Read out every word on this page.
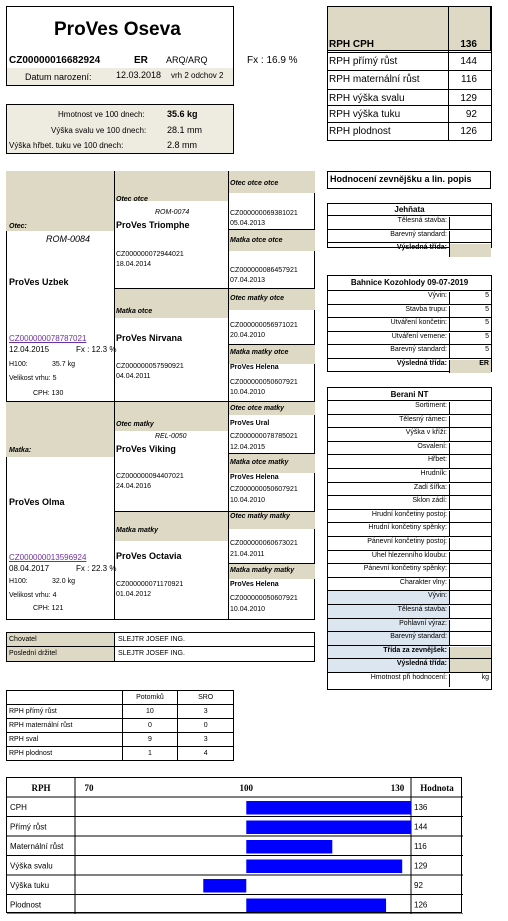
ProVes Oseva
CZ00000016682924	ER ARQ/ARQ	Fx : 16.9 %
Datum narození:	12.03.2018 vrh 2 odchov 2
Hmotnost ve 100 dnech: 35.6 kg
Výška svalu ve 100 dnech: 28.1 mm
Výška hřbet. tuku ve 100 dnech:	2.8 mm
RPH CPH	136
RPH přímý růst	144
RPH maternální růst	116
RPH výška svalu	129
RPH výška tuku	92
RPH plodnost	126
Otec:
ROM-0084
ProVes Uzbek
CZ000000078787021
12.04.2015	Fx : 12.3 %
H100:	35.7 kg
Velikost vrhu: 5
CPH: 130
Otec otce
ROM-0074
ProVes Triomphe
CZ000000072944021
18.04.2014
Matka otce
ProVes Nirvana
CZ000000057590921
04.04.2011
Otec otce otce
CZ000000069381021
05.04.2013
Matka otce otce
CZ000000086457921
07.04.2013
Otec matky otce
CZ000000056971021
20.04.2010
Matka matky otce
ProVes Helena
CZ000000050607921
10.04.2010
Matka:
ProVes Olma
CZ000000013596924
08.04.2017	Fx : 22.3 %
H100:	32.0 kg
Velikost vrhu: 4
CPH: 121
Otec matky
REL-0050
ProVes Viking
CZ000000094407021
24.04.2016
Matka matky
ProVes Octavia
CZ000000071170921
01.04.2012
Otec otce matky
ProVes Ural
CZ000000078785021
12.04.2015
Matka otce matky
ProVes Helena
CZ000000050607921
10.04.2010
Otec matky matky
CZ000000060673021
21.04.2011
Matka matky matky
ProVes Helena
CZ000000050607921
10.04.2010
Chovatel	SLEJTR JOSEF ING.
Poslední držitel	SLEJTR JOSEF ING.
Hodnocení zevnějšku a lin. popis
Jehňata
Tělesná stavba:
Barevný standard:
Výsledná třída:
Bahnice Kozohlody 09-07-2019
Vývin:	5
Stavba trupu:	5
Utváření končetin:	5
Utváření vemene:	5
Barevný standard:	5
Výsledná třída:	ER
Berani NT
Sortiment:
Tělesný rámec:
Výška v kříži:
Osvalení:
Hřbet:
Hrudník:
Zadí šířka:
Sklon zádí:
Hrudní končetiny postoj:
Hrudní končetiny spěnky:
Pánevní končetiny postoj:
Úhel hlezenního kloubu:
Pánevní končetiny spěnky:
Charakter vlny:
Vývin:
Tělesná stavba:
Pohlavní výraz:
Barevný standard:
Třída za zevnějšek:
Výsledná třída:
Hmotnost při hodnocení:	kg
	Potomků	SRO
RPH přímý růst	10	3
RPH maternální růst	0	0
RPH sval	9	3
RPH plodnost	1	4
RPH	Hodnota
70	100	130
CPH	136
Přímý růst	144
Maternální růst	116
Výška svalu	129
Výška tuku	92
Plodnost	126
